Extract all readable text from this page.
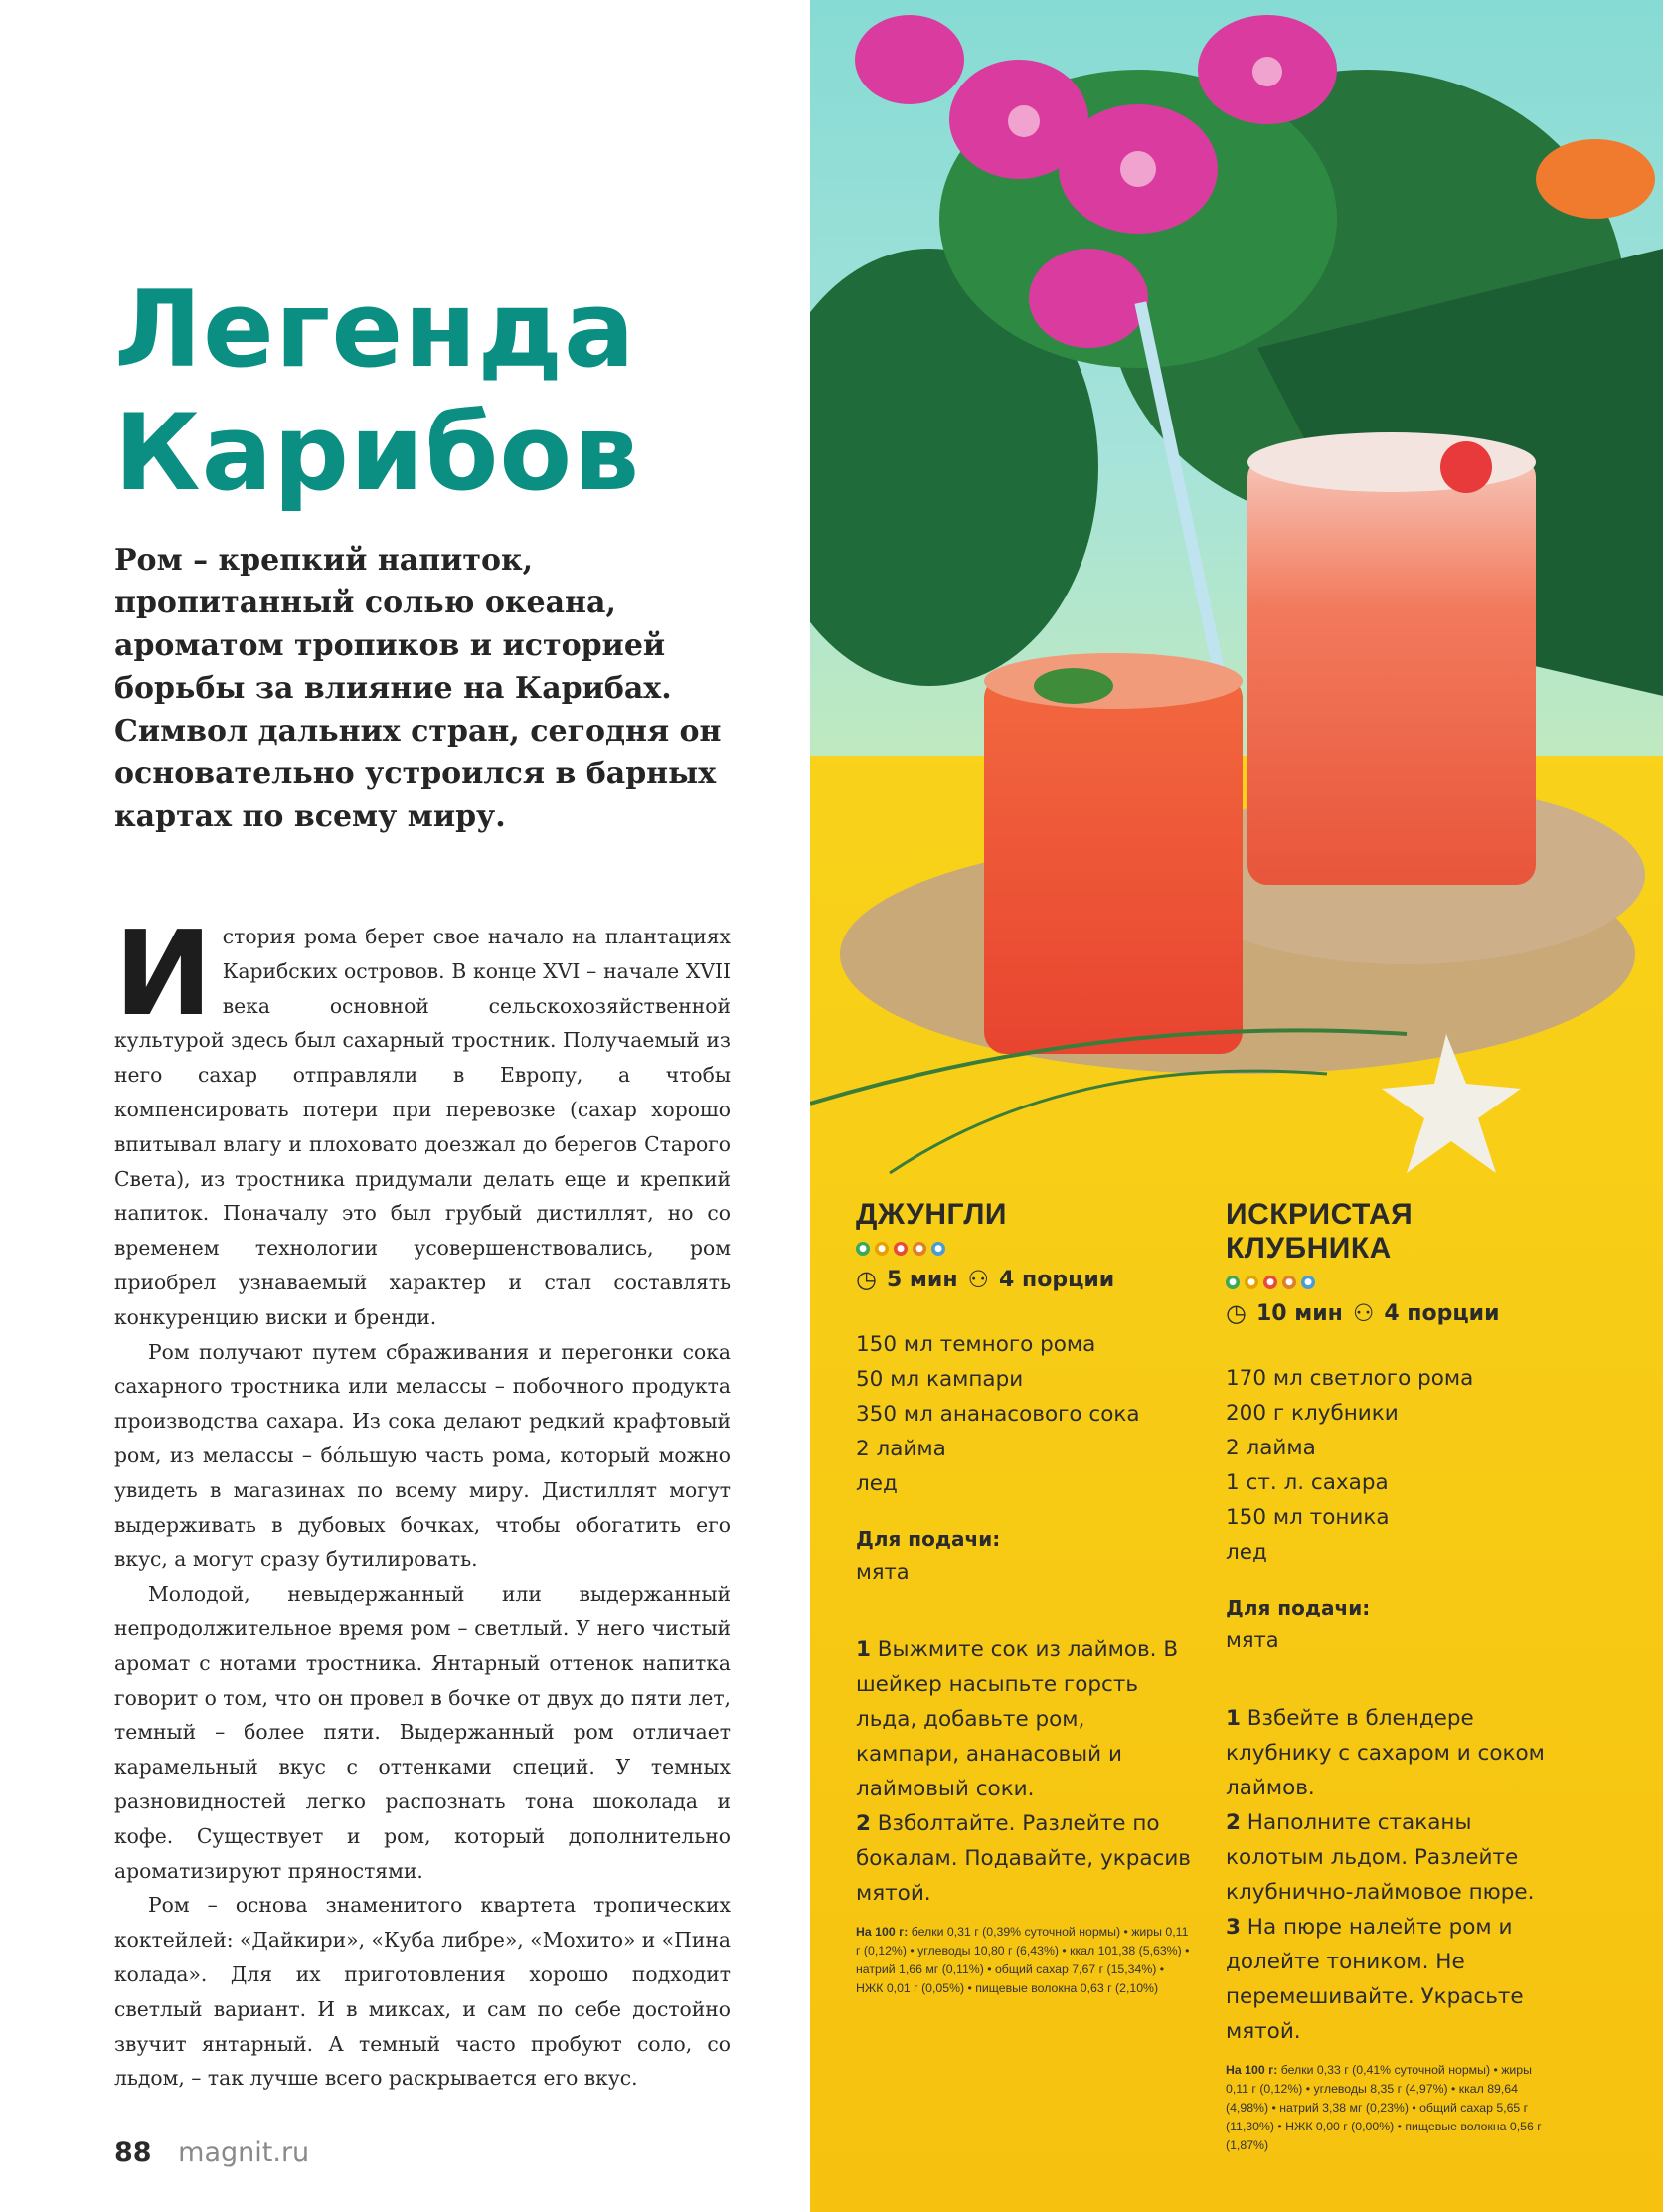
Легенда
Карибов

Ром – крепкий напиток, пропитанный солью океана, ароматом тропиков и историей борьбы за влияние на Карибах. Символ дальних стран, сегодня он основательно устроился в барных картах по всему миру.

История рома берет свое начало на плантациях Карибских островов. В конце XVI – начале XVII века основной сельскохозяйственной культурой здесь был сахарный тростник. Получаемый из него сахар отправляли в Европу, а чтобы компенсировать потери при перевозке (сахар хорошо впитывал влагу и плоховато доезжал до берегов Старого Света), из тростника придумали делать еще и крепкий напиток. Поначалу это был грубый дистиллят, но со временем технологии усовершенствовались, ром приобрел узнаваемый характер и стал составлять конкуренцию виски и бренди.

Ром получают путем сбраживания и перегонки сока сахарного тростника или мелассы – побочного продукта производства сахара. Из сока делают редкий крафтовый ром, из мелассы – бóльшую часть рома, который можно увидеть в магазинах по всему миру. Дистиллят могут выдерживать в дубовых бочках, чтобы обогатить его вкус, а могут сразу бутилировать.

Молодой, невыдержанный или выдержанный непродолжительное время ром – светлый. У него чистый аромат с нотами тростника. Янтарный оттенок напитка говорит о том, что он провел в бочке от двух до пяти лет, темный – более пяти. Выдержанный ром отличает карамельный вкус с оттенками специй. У темных разновидностей легко распознать тона шоколада и кофе. Существует и ром, который дополнительно ароматизируют пряностями.

Ром – основа знаменитого квартета тропических коктейлей: «Дайкири», «Куба либре», «Мохито» и «Пина колада». Для их приготовления хорошо подходит светлый вариант. И в миксах, и сам по себе достойно звучит янтарный. А темный часто пробуют соло, со льдом, – так лучше всего раскрывается его вкус.

88 magnit.ru
ДЖУНГЛИ
●	●	●	●	●
◷ 5 мин ⚇ 4 порции
150 мл темного рома
50 мл кампари
350 мл ананасового сока
2 лайма
лед
Для подачи:
мята

1 Выжмите сок из лаймов. В шейкер насыпьте горсть льда, добавьте ром, кампари, ананасовый и лаймовый соки.

2 Взболтайте. Разлейте по бокалам. Подавайте, украсив мятой.

На 100 г: белки 0,31 г (0,39% суточной нормы) • жиры 0,11 г (0,12%) • углеводы 10,80 г (6,43%) • ккал 101,38 (5,63%) • натрий 1,66 мг (0,11%) • общий сахар 7,67 г (15,34%) • НЖК 0,01 г (0,05%) • пищевые волокна 0,63 г (2,10%)
ИСКРИСТАЯ КЛУБНИКА
●	●	●	●	●
◷ 10 мин ⚇ 4 порции
170 мл светлого рома
200 г клубники
2 лайма
1 ст. л. сахара
150 мл тоника
лед
Для подачи:
мята

1 Взбейте в блендере клубнику с сахаром и соком лаймов.

2 Наполните стаканы колотым льдом. Разлейте клубнично-лаймовое пюре.

3 На пюре налейте ром и долейте тоником. Не перемешивайте. Украсьте мятой.

На 100 г: белки 0,33 г (0,41% суточной нормы) • жиры 0,11 г (0,12%) • углеводы 8,35 г (4,97%) • ккал 89,64 (4,98%) • натрий 3,38 мг (0,23%) • общий сахар 5,65 г (11,30%) • НЖК 0,00 г (0,00%) • пищевые волокна 0,56 г (1,87%)
